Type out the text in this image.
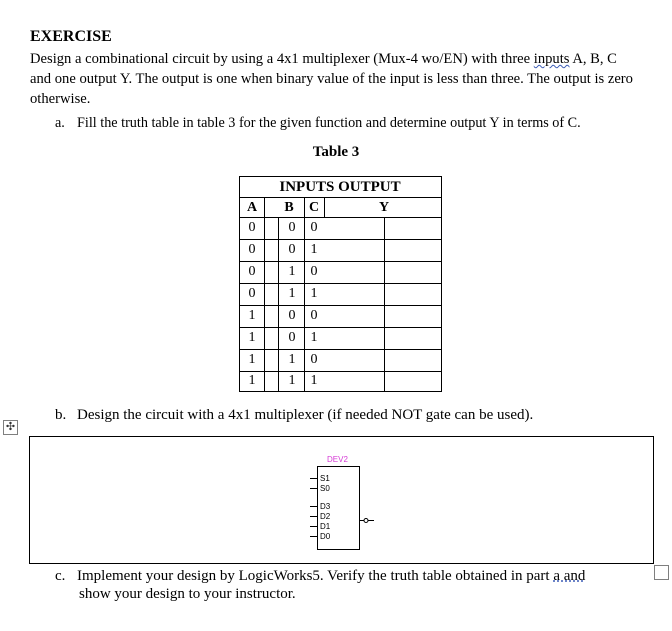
EXERCISE
Design a combinational circuit by using a 4x1 multiplexer (Mux-4 wo/EN) with three inputs A, B, C and one output Y. The output is one when binary value of the input is less than three. The output is zero otherwise.
a. Fill the truth table in table 3 for the given function and determine output Y in terms of C.
Table 3
INPUTS OUTPUT
A	B	C	Y
0	0	0
0	0	1
0	1	0
0	1	1
1	0	0
1	0	1
1	1	0
1	1	1
b. Design the circuit with a 4x1 multiplexer (if needed NOT gate can be used).
✣
DEV2
S1
S0
D3
D2
D1
D0
c. Implement your design by LogicWorks5. Verify the truth table obtained in part a and
show your design to your instructor.
